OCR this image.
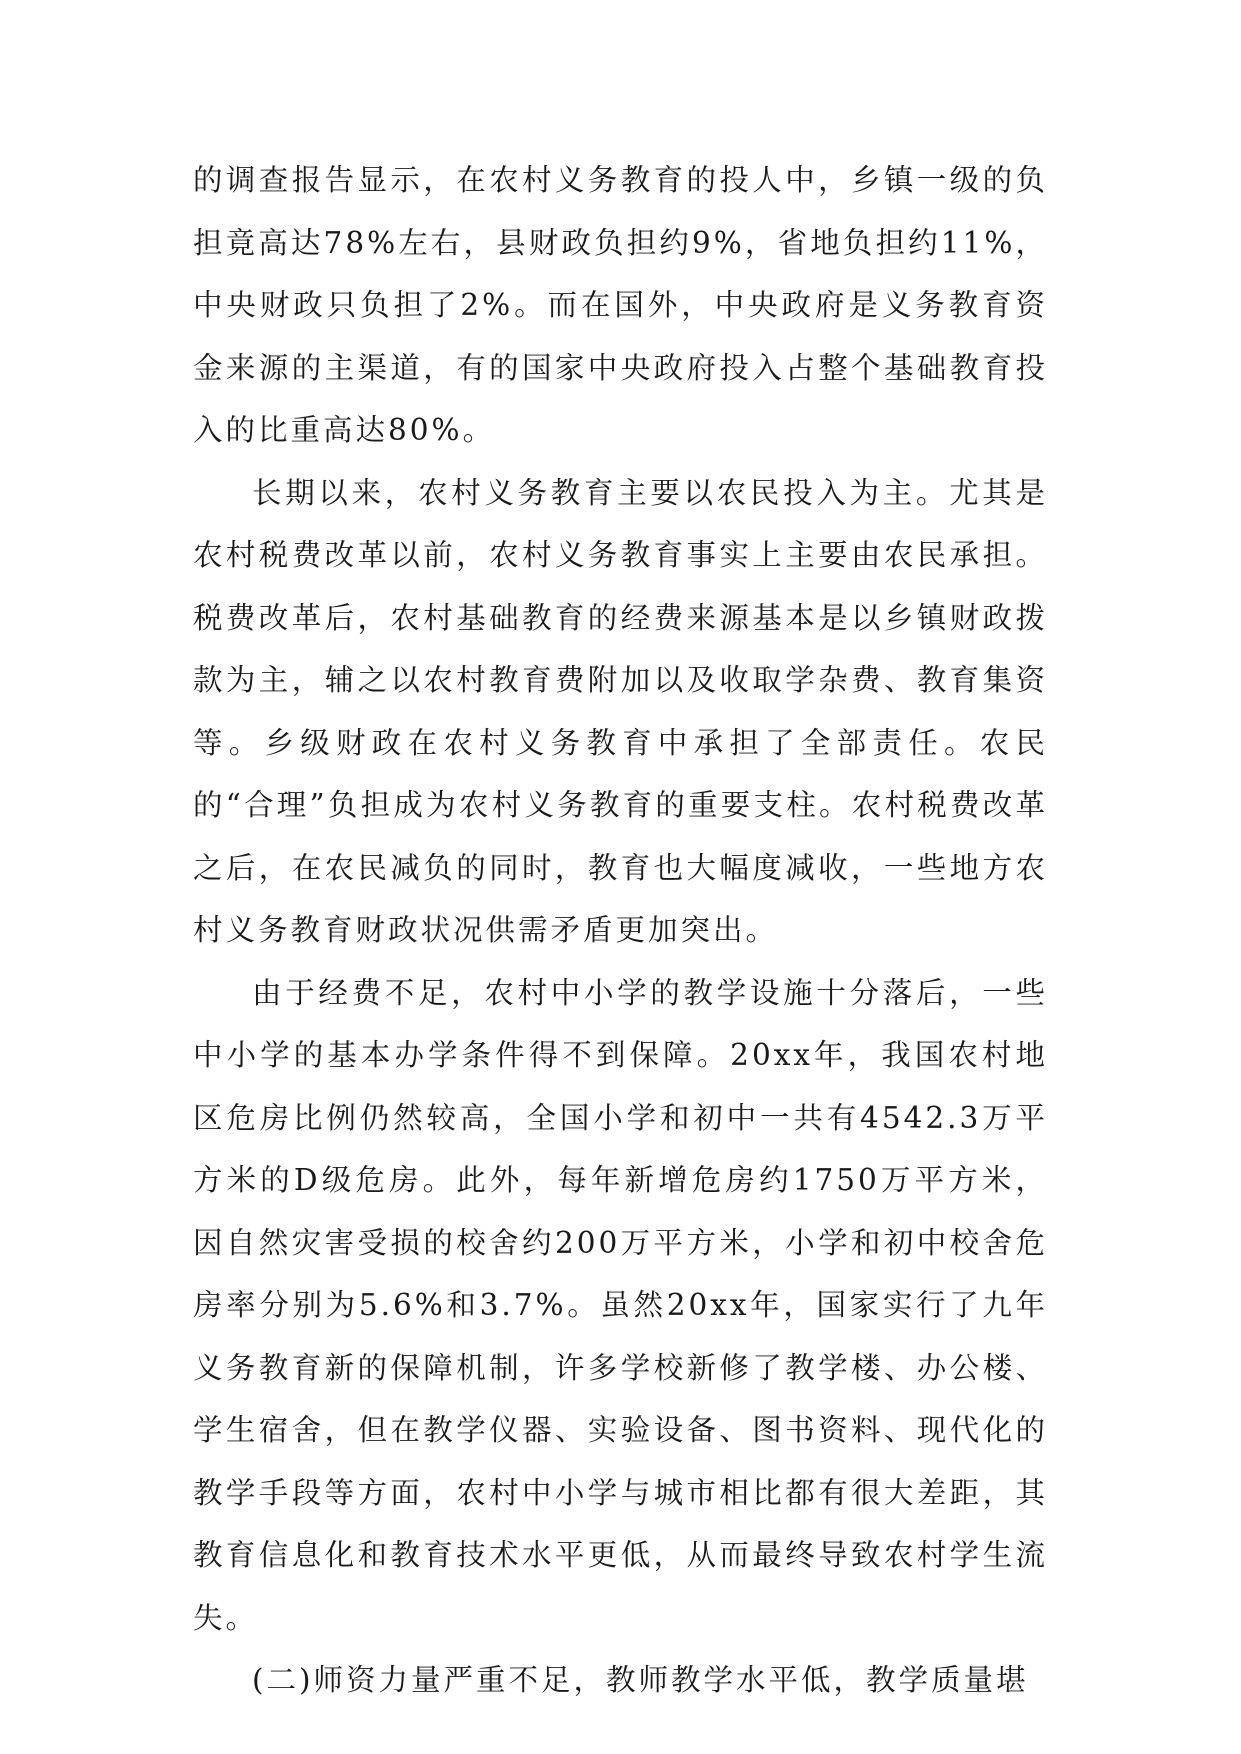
的调查报告显示，在农村义务教育的投人中，乡镇一级的负担竟高达78%左右，县财政负担约9%，省地负担约11%，中央财政只负担了2%。而在国外，中央政府是义务教育资金来源的主渠道，有的国家中央政府投入占整个基础教育投入的比重高达80%。

长期以来，农村义务教育主要以农民投入为主。尤其是农村税费改革以前，农村义务教育事实上主要由农民承担。税费改革后，农村基础教育的经费来源基本是以乡镇财政拨款为主，辅之以农村教育费附加以及收取学杂费、教育集资等。乡级财政在农村义务教育中承担了全部责任。农民的“合理”负担成为农村义务教育的重要支柱。农村税费改革之后，在农民减负的同时，教育也大幅度减收，一些地方农村义务教育财政状况供需矛盾更加突出。

由于经费不足，农村中小学的教学设施十分落后，一些中小学的基本办学条件得不到保障。20xx年，我国农村地区危房比例仍然较高，全国小学和初中一共有4542.3万平方米的D级危房。此外，每年新增危房约1750万平方米，因自然灾害受损的校舍约200万平方米，小学和初中校舍危房率分别为5.6%和3.7%。虽然20xx年，国家实行了九年义务教育新的保障机制，许多学校新修了教学楼、办公楼、学生宿舍，但在教学仪器、实验设备、图书资料、现代化的教学手段等方面，农村中小学与城市相比都有很大差距，其教育信息化和教育技术水平更低，从而最终导致农村学生流失。

(二)师资力量严重不足，教师教学水平低，教学质量堪
